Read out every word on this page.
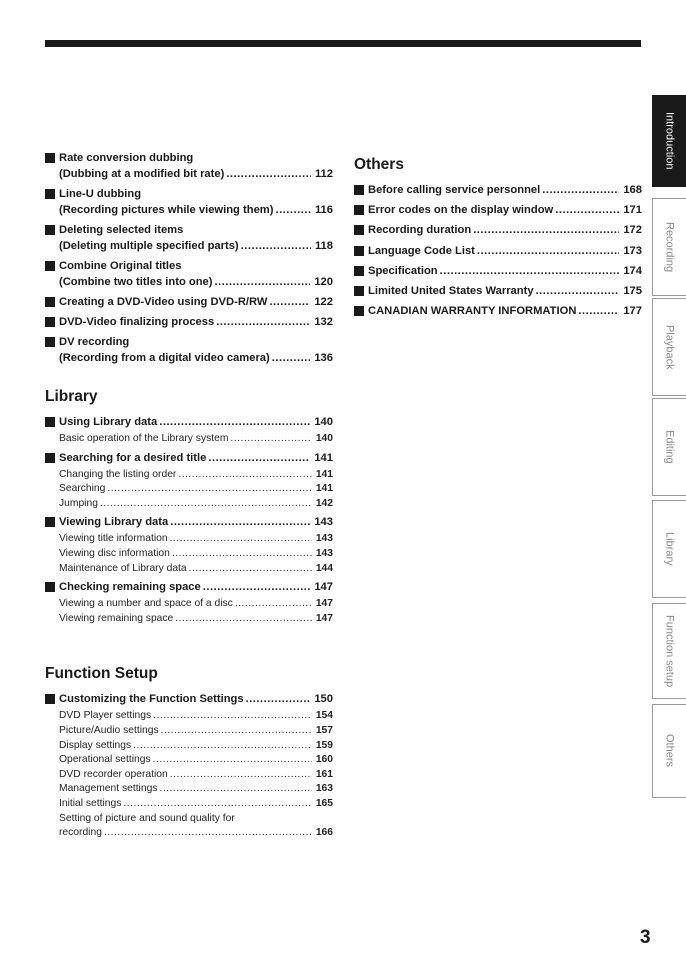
Rate conversion dubbing
(Dubbing at a modified bit rate) .....	112
Line-U dubbing
(Recording pictures while viewing them) .....	116
Deleting selected items
(Deleting multiple specified parts) .....	118
Combine Original titles
(Combine two titles into one) .....	120
Creating a DVD-Video using DVD-R/RW .....	122
DVD-Video finalizing process .....	132
DV recording
(Recording from a digital video camera) .....	136
Library
Using Library data .....	140
Basic operation of the Library system .....	140
Searching for a desired title .....	141
Changing the listing order .....	141
Searching .....	141
Jumping .....	142
Viewing Library data .....	143
Viewing title information .....	143
Viewing disc information .....	143
Maintenance of Library data .....	144
Checking remaining space .....	147
Viewing a number and space of a disc .....	147
Viewing remaining space .....	147
Function Setup
Customizing the Function Settings .....	150
DVD Player settings .....	154
Picture/Audio settings .....	157
Display settings .....	159
Operational settings .....	160
DVD recorder operation .....	161
Management settings .....	163
Initial settings .....	165
Setting of picture and sound quality for
recording .....	166
Others
Before calling service personnel .....	168
Error codes on the display window .....	171
Recording duration .....	172
Language Code List .....	173
Specification .....	174
Limited United States Warranty .....	175
CANADIAN WARRANTY INFORMATION .....	177
Introduction
Recording
Playback
Editing
Library
Function setup
Others
3
